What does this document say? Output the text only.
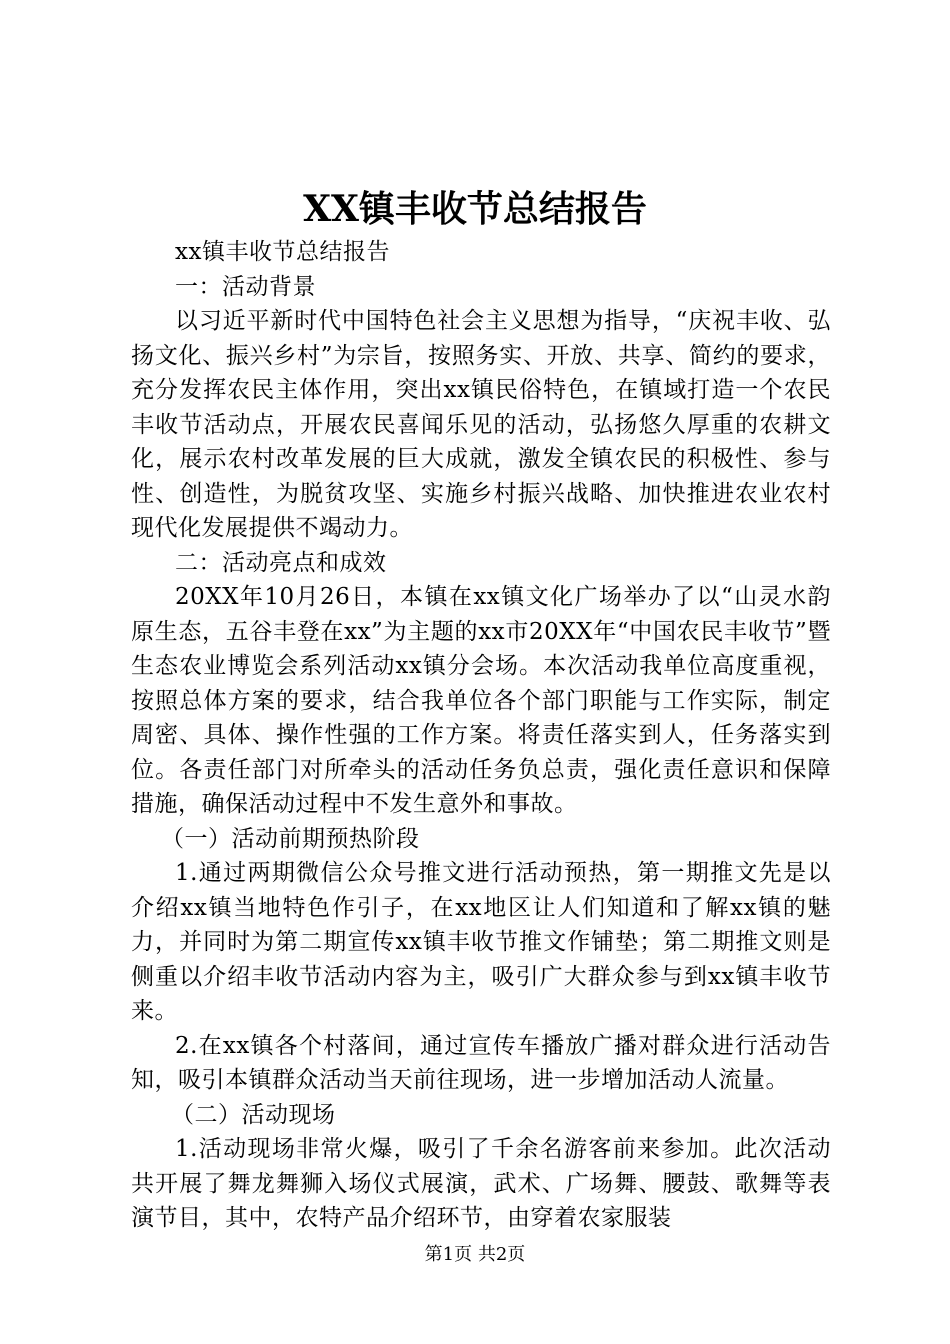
XX镇丰收节总结报告

xx镇丰收节总结报告

一：活动背景

以习近平新时代中国特色社会主义思想为指导，“庆祝丰收、弘扬文化、振兴乡村”为宗旨，按照务实、开放、共享、简约的要求，充分发挥农民主体作用，突出xx镇民俗特色，在镇域打造一个农民丰收节活动点，开展农民喜闻乐见的活动，弘扬悠久厚重的农耕文化，展示农村改革发展的巨大成就，激发全镇农民的积极性、参与性、创造性，为脱贫攻坚、实施乡村振兴战略、加快推进农业农村现代化发展提供不竭动力。

二：活动亮点和成效

20XX年10月26日，本镇在xx镇文化广场举办了以“山灵水韵原生态，五谷丰登在xx”为主题的xx市20XX年“中国农民丰收节”暨生态农业博览会系列活动xx镇分会场。本次活动我单位高度重视，按照总体方案的要求，结合我单位各个部门职能与工作实际，制定周密、具体、操作性强的工作方案。将责任落实到人，任务落实到位。各责任部门对所牵头的活动任务负总责，强化责任意识和保障措施，确保活动过程中不发生意外和事故。

（一）活动前期预热阶段

1.通过两期微信公众号推文进行活动预热，第一期推文先是以介绍xx镇当地特色作引子，在xx地区让人们知道和了解xx镇的魅力，并同时为第二期宣传xx镇丰收节推文作铺垫；第二期推文则是侧重以介绍丰收节活动内容为主，吸引广大群众参与到xx镇丰收节来。

2.在xx镇各个村落间，通过宣传车播放广播对群众进行活动告知，吸引本镇群众活动当天前往现场，进一步增加活动人流量。

（二）活动现场

1.活动现场非常火爆，吸引了千余名游客前来参加。此次活动共开展了舞龙舞狮入场仪式展演，武术、广场舞、腰鼓、歌舞等表演节目，其中，农特产品介绍环节，由穿着农家服装

第1页 共2页
